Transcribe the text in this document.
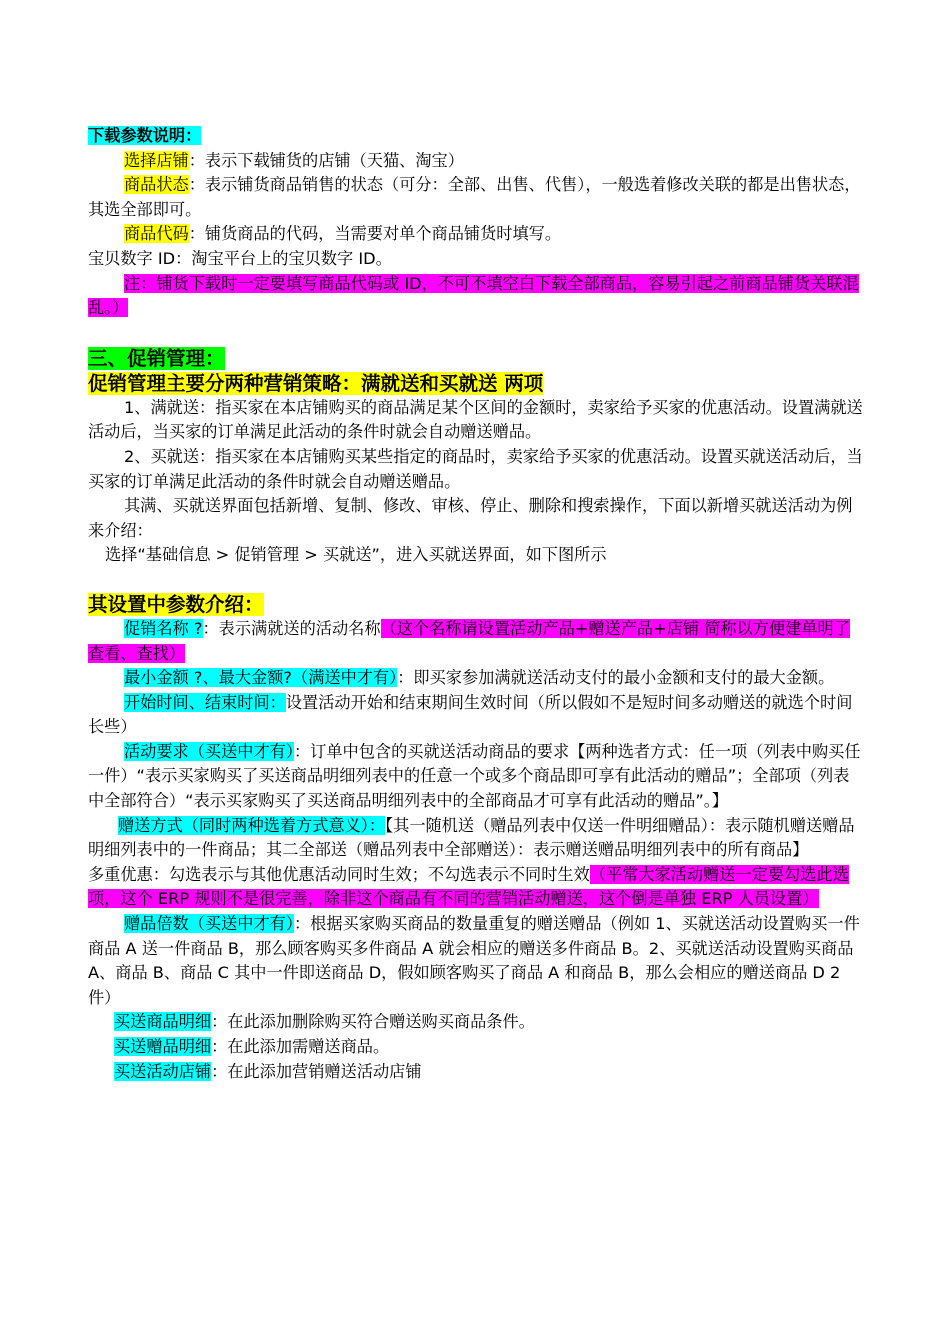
下载参数说明：

选择店铺：表示下载铺货的店铺（天猫、淘宝）

商品状态：表示铺货商品销售的状态（可分：全部、出售、代售），一般选着修改关联的都是出售状态，其选全部即可。

商品代码：铺货商品的代码，当需要对单个商品铺货时填写。

宝贝数字 ID：淘宝平台上的宝贝数字 ID。

注：铺货下载时一定要填写商品代码或 ID，不可不填空白下载全部商品，容易引起之前商品铺货关联混乱。）

三、促销管理：

促销管理主要分两种营销策略：满就送和买就送 两项

1、满就送：指买家在本店铺购买的商品满足某个区间的金额时，卖家给予买家的优惠活动。设置满就送活动后，当买家的订单满足此活动的条件时就会自动赠送赠品。

2、买就送：指买家在本店铺购买某些指定的商品时，卖家给予买家的优惠活动。设置买就送活动后，当买家的订单满足此活动的条件时就会自动赠送赠品。

其满、买就送界面包括新增、复制、修改、审核、停止、删除和搜索操作，下面以新增买就送活动为例来介绍：

选择“基础信息 > 促销管理 > 买就送”，进入买就送界面，如下图所示

其设置中参数介绍：

促销名称 ?：表示满就送的活动名称（这个名称请设置活动产品+赠送产品+店铺 简称以方便建单明了查看、查找）

最小金额 ?、最大金额?（满送中才有）：即买家参加满就送活动支付的最小金额和支付的最大金额。

开始时间、结束时间：设置活动开始和结束期间生效时间（所以假如不是短时间多动赠送的就选个时间长些）

活动要求（买送中才有）：订单中包含的买就送活动商品的要求【两种选者方式：任一项（列表中购买任一件）“表示买家购买了买送商品明细列表中的任意一个或多个商品即可享有此活动的赠品”；全部项（列表中全部符合）“表示买家购买了买送商品明细列表中的全部商品才可享有此活动的赠品”。】

赠送方式（同时两种选着方式意义）：【其一随机送（赠品列表中仅送一件明细赠品）：表示随机赠送赠品明细列表中的一件商品；其二全部送（赠品列表中全部赠送）：表示赠送赠品明细列表中的所有商品】

多重优惠：勾选表示与其他优惠活动同时生效；不勾选表示不同时生效（平常大家活动赠送一定要勾选此选项，这个 ERP 规则不是很完善，除非这个商品有不同的营销活动赠送，这个倒是单独 ERP 人员设置）

赠品倍数（买送中才有）：根据买家购买商品的数量重复的赠送赠品（例如 1、买就送活动设置购买一件商品 A 送一件商品 B，那么顾客购买多件商品 A 就会相应的赠送多件商品 B。2、买就送活动设置购买商品 A、商品 B、商品 C 其中一件即送商品 D，假如顾客购买了商品 A 和商品 B，那么会相应的赠送商品 D 2 件）

买送商品明细：在此添加删除购买符合赠送购买商品条件。

买送赠品明细：在此添加需赠送商品。

买送活动店铺：在此添加营销赠送活动店铺
